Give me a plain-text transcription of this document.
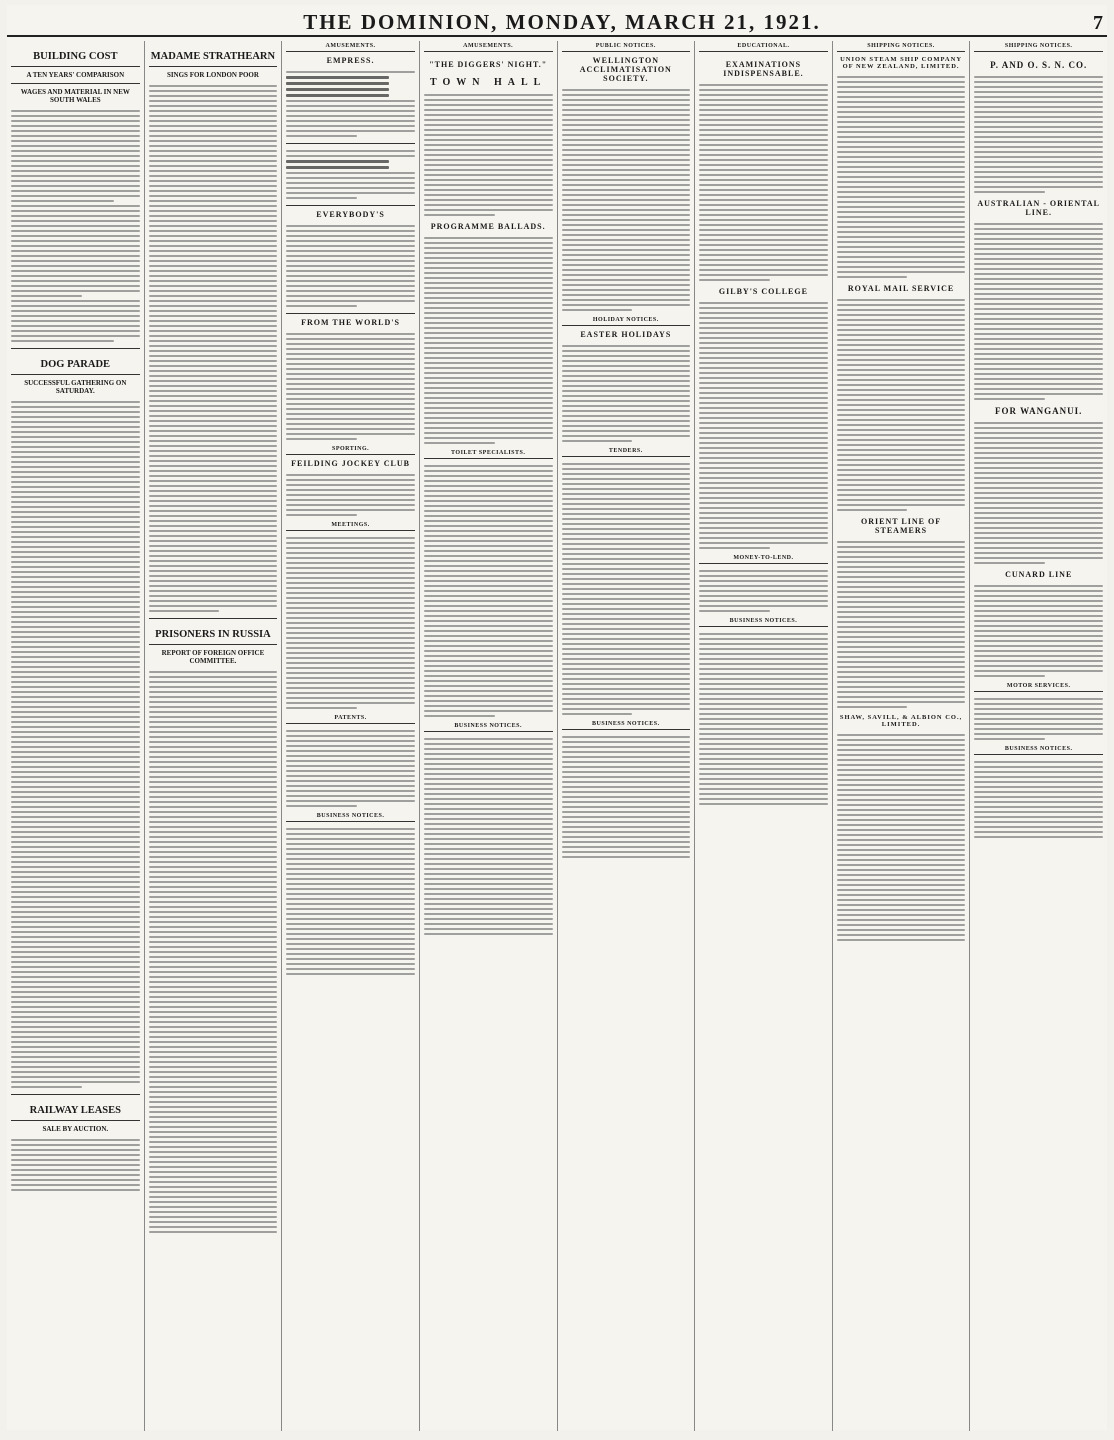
THE DOMINION, MONDAY, MARCH 21, 1921.	7
BUILDING COST
A TEN YEARS' COMPARISON
WAGES AND MATERIAL IN NEW SOUTH WALES
DOG PARADE
SUCCESSFUL GATHERING ON SATURDAY.
RAILWAY LEASES
SALE BY AUCTION.
MADAME STRATHEARN
SINGS FOR LONDON POOR
PRISONERS IN RUSSIA
REPORT OF FOREIGN OFFICE COMMITTEE.
AMUSEMENTS.
EMPRESS.
EVERYBODY'S
FROM THE WORLD'S
SPORTING.
FEILDING JOCKEY CLUB
MEETINGS.
PATENTS.
BUSINESS NOTICES.
AMUSEMENTS.
"THE DIGGERS' NIGHT."
TOWN HALL
PROGRAMME BALLADS.
TOILET SPECIALISTS.
BUSINESS NOTICES.
PUBLIC NOTICES.
WELLINGTON ACCLIMATISATION SOCIETY.
HOLIDAY NOTICES.
EASTER HOLIDAYS
TENDERS.
BUSINESS NOTICES.
EDUCATIONAL.
EXAMINATIONS INDISPENSABLE.
GILBY'S COLLEGE
MONEY-TO-LEND.
BUSINESS NOTICES.
SHIPPING NOTICES.
UNION STEAM SHIP COMPANY OF NEW ZEALAND, LIMITED.
ROYAL MAIL SERVICE
ORIENT LINE OF STEAMERS
SHAW, SAVILL, & ALBION CO., LIMITED.
SHIPPING NOTICES.
P. AND O. S. N. CO.
AUSTRALIAN - ORIENTAL LINE.
FOR WANGANUI.
CUNARD LINE
MOTOR SERVICES.
BUSINESS NOTICES.
